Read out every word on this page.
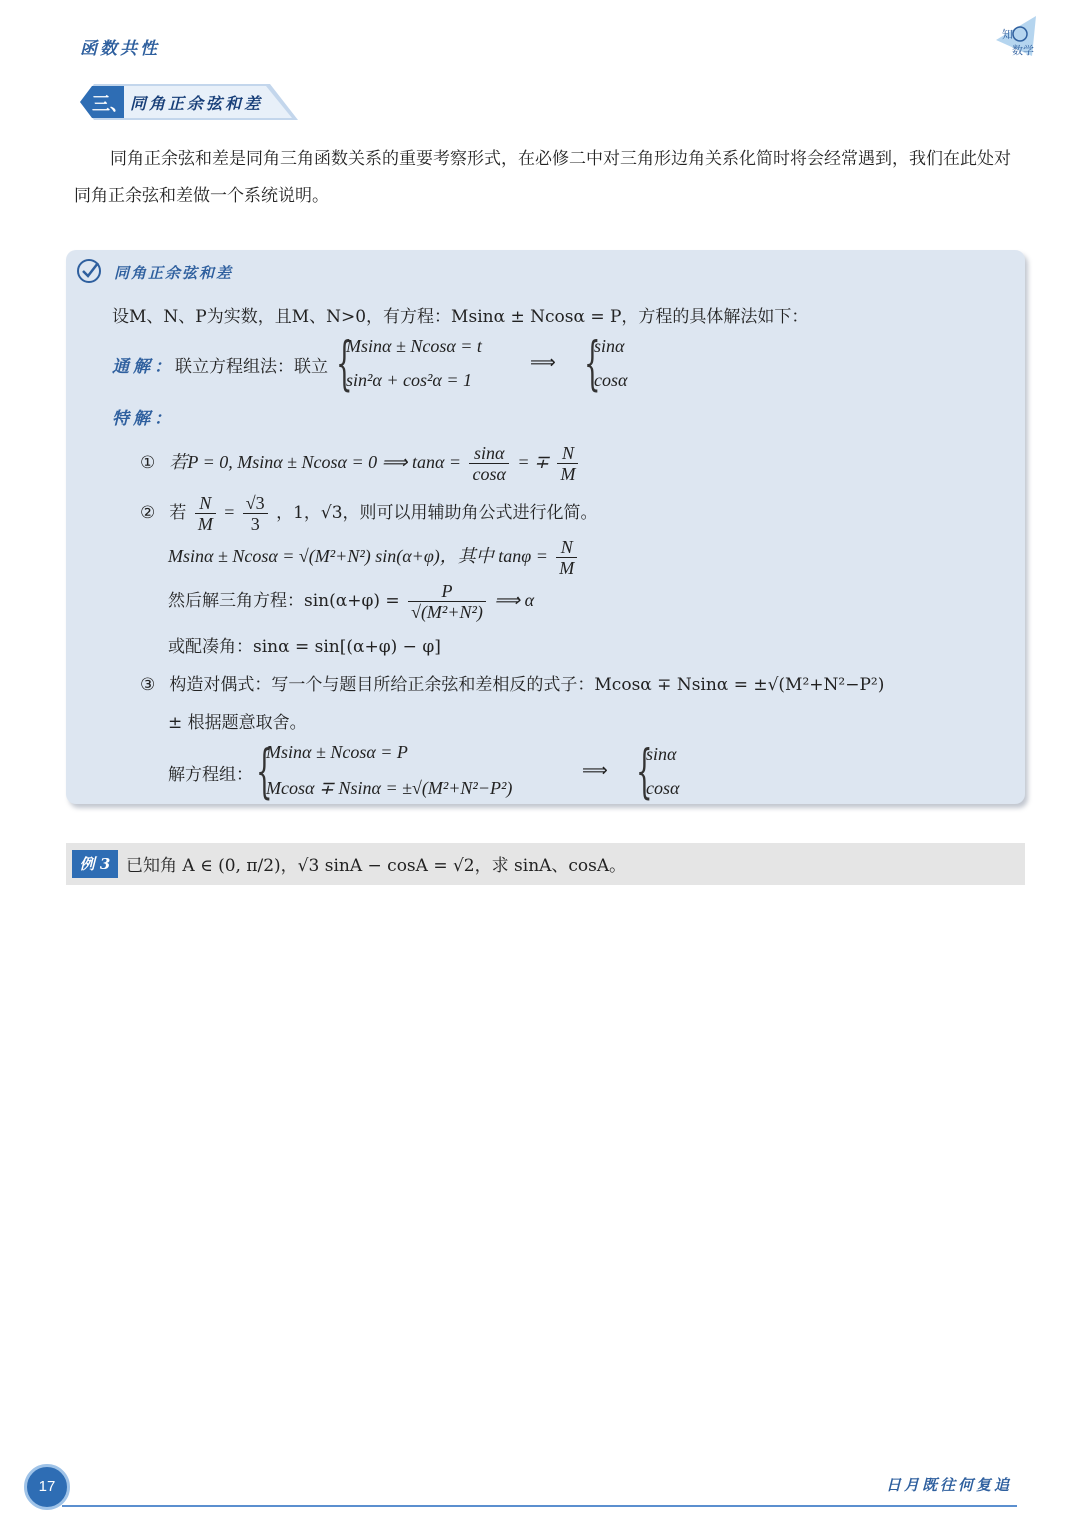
函数共性
知
数学
三、 同角正余弦和差
同角正余弦和差是同角三角函数关系的重要考察形式，在必修二中对三角形边角关系化简时将会经常遇到，我们在此处对同角正余弦和差做一个系统说明。
同角正余弦和差
设M、N、P为实数，且M、N>0，有方程：Msinα ± Ncosα = P，方程的具体解法如下：
通解：联立方程组法：联立 {
Msinα ± Ncosα = t
sin²α + cos²α = 1
⟹ {
sinα
cosα
特解：
① 若P = 0, Msinα ± Ncosα = 0 ⟹ $\tan\alpha = \frac{\sin\alpha}{\cos\alpha}$ = ∓ $\frac{N}{M}$
② 若 $\frac{N}{M} = \frac{√3}{3}$ ，1，√3，则可以用辅助角公式进行化简。
Msinα ± Ncosα = √(M²+N²) sin(α+φ)，其中 $\tan\varphi = \frac{N}{M}$
然后解三角方程：$\sin(\alpha+\varphi) = \frac{P}{\text{√(M²+N²)}}$ ⟹ α
或配凑角：sinα = sin[(α+φ) − φ]
③ 构造对偶式：写一个与题目所给正余弦和差相反的式子：Mcosα ∓ Nsinα = ±√(M²+N²−P²)
± 根据题意取舍。
解方程组： {
Msinα ± Ncosα = P
Mcosα ∓ Nsinα = ±√(M²+N²−P²)
⟹ {
sinα
cosα
例 3 已知角 A ∈ (0, π/2)，√3 sinA − cosA = √2，求 sinA、cosA。
17	日月既往何复追
